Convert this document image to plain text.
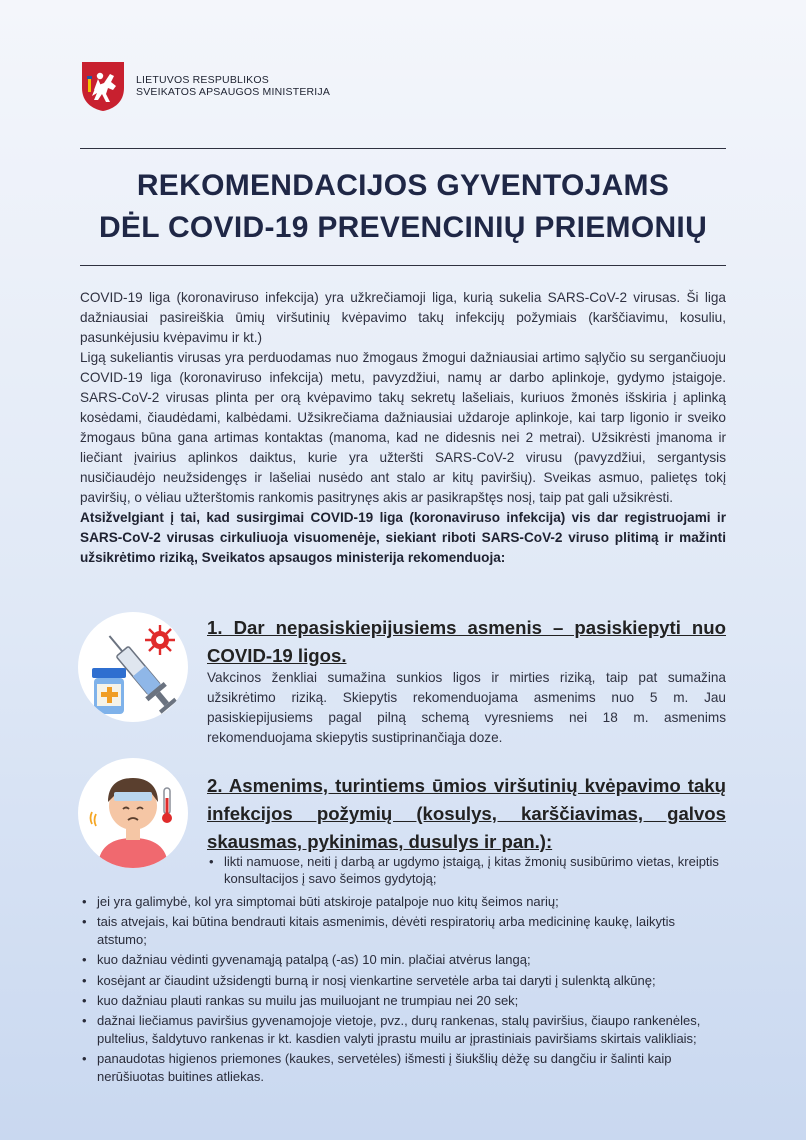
LIETUVOS RESPUBLIKOS
SVEIKATOS APSAUGOS MINISTERIJA
REKOMENDACIJOS GYVENTOJAMS
DĖL COVID-19 PREVENCINIŲ PRIEMONIŲ

COVID-19 liga (koronaviruso infekcija) yra užkrečiamoji liga, kurią sukelia SARS-CoV-2 virusas. Ši liga dažniausiai pasireiškia ūmių viršutinių kvėpavimo takų infekcijų požymiais (karščiavimu, kosuliu, pasunkėjusiu kvėpavimu ir kt.)

Ligą sukeliantis virusas yra perduodamas nuo žmogaus žmogui dažniausiai artimo sąlyčio su sergančiuoju COVID-19 liga (koronaviruso infekcija) metu, pavyzdžiui, namų ar darbo aplinkoje, gydymo įstaigoje. SARS-CoV-2 virusas plinta per orą kvėpavimo takų sekretų lašeliais, kuriuos žmonės išskiria į aplinką kosėdami, čiaudėdami, kalbėdami. Užsikrečiama dažniausiai uždaroje aplinkoje, kai tarp ligonio ir sveiko žmogaus būna gana artimas kontaktas (manoma, kad ne didesnis nei 2 metrai). Užsikrėsti įmanoma ir liečiant įvairius aplinkos daiktus, kurie yra užteršti SARS-CoV-2 virusu (pavyzdžiui, sergantysis nusičiaudėjo neužsidengęs ir lašeliai nusėdo ant stalo ar kitų paviršių). Sveikas asmuo, palietęs tokį paviršių, o vėliau užterštomis rankomis pasitrynęs akis ar pasikrapštęs nosį, taip pat gali užsikrėsti.

Atsižvelgiant į tai, kad susirgimai COVID-19 liga (koronaviruso infekcija) vis dar registruojami ir SARS-CoV-2 virusas cirkuliuoja visuomenėje, siekiant riboti SARS-CoV-2 viruso plitimą ir mažinti užsikrėtimo riziką, Sveikatos apsaugos ministerija rekomenduoja:

1. Dar nepasiskiepijusiems asmenis – pasiskiepyti nuo COVID-19 ligos.
Vakcinos ženkliai sumažina sunkios ligos ir mirties riziką, taip pat sumažina užsikrėtimo riziką. Skiepytis rekomenduojama asmenims nuo 5 m. Jau pasiskiepijusiems pagal pilną schemą vyresniems nei 18 m. asmenims rekomenduojama skiepytis sustiprinančiąja doze.
2. Asmenims, turintiems ūmios viršutinių kvėpavimo takų infekcijos požymių (kosulys, karščiavimas, galvos skausmas, pykinimas, dusulys ir pan.):
• likti namuose, neiti į darbą ar ugdymo įstaigą, į kitas žmonių susibūrimo vietas, kreiptis konsultacijos į savo šeimos gydytoją;
• jei yra galimybė, kol yra simptomai būti atskiroje patalpoje nuo kitų šeimos narių;
• tais atvejais, kai būtina bendrauti kitais asmenimis, dėvėti respiratorių arba medicininę kaukę, laikytis atstumo;
• kuo dažniau vėdinti gyvenamąją patalpą (-as) 10 min. plačiai atvėrus langą;
• kosėjant ar čiaudint užsidengti burną ir nosį vienkartine servetėle arba tai daryti į sulenktą alkūnę;
• kuo dažniau plauti rankas su muilu jas muiluojant ne trumpiau nei 20 sek;
• dažnai liečiamus paviršius gyvenamojoje vietoje, pvz., durų rankenas, stalų paviršius, čiaupo rankenėles, pultelius, šaldytuvo rankenas ir kt. kasdien valyti įprastu muilu ar įprastiniais paviršiams skirtais valikliais;
• panaudotas higienos priemones (kaukes, servetėles) išmesti į šiukšlių dėžę su dangčiu ir šalinti kaip nerūšiuotas buitines atliekas.
